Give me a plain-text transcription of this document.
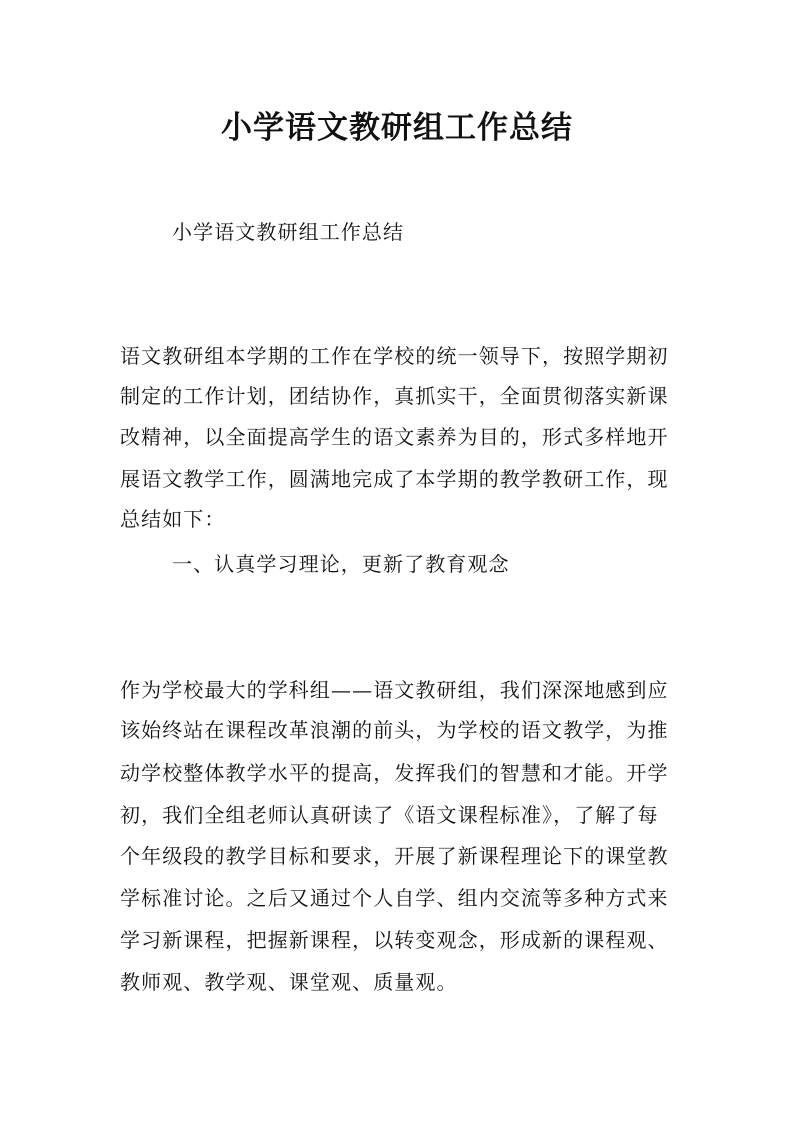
小学语文教研组工作总结
小学语文教研组工作总结
语文教研组本学期的工作在学校的统一领导下，按照学期初
制定的工作计划，团结协作，真抓实干，全面贯彻落实新课
改精神，以全面提高学生的语文素养为目的，形式多样地开
展语文教学工作，圆满地完成了本学期的教学教研工作，现
总结如下：
一、认真学习理论，更新了教育观念
作为学校最大的学科组——语文教研组，我们深深地感到应
该始终站在课程改革浪潮的前头，为学校的语文教学，为推
动学校整体教学水平的提高，发挥我们的智慧和才能。开学
初，我们全组老师认真研读了《语文课程标准》，了解了每
个年级段的教学目标和要求，开展了新课程理论下的课堂教
学标准讨论。之后又通过个人自学、组内交流等多种方式来
学习新课程，把握新课程，以转变观念，形成新的课程观、
教师观、教学观、课堂观、质量观。
